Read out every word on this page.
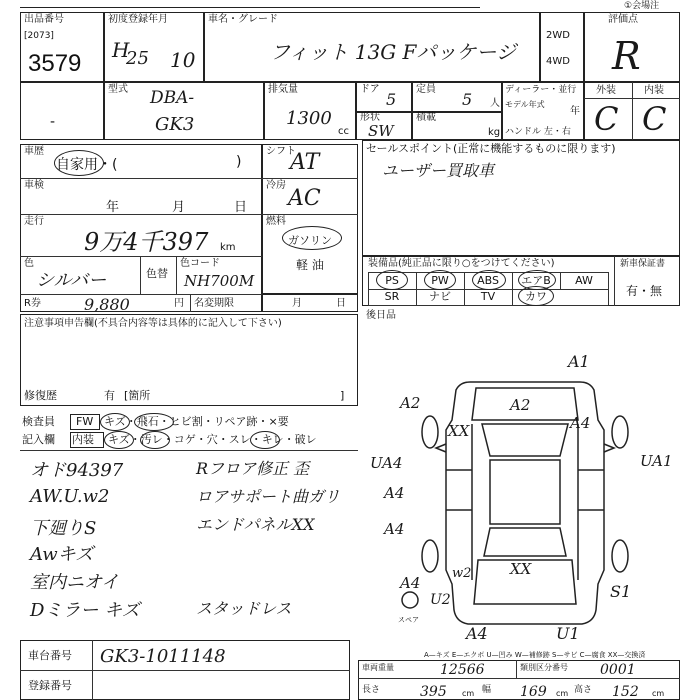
出品番号
[2073]
3579
初度登録年月
H
25 10
車名・グレード
フィット 13G Fパッケージ
2WD
4WD
評価点
R
①会場注
-
型式 DBA-
GK3
排気量
1300
cc
ドア
5
定員
5 人
形状
SW
積載
kg
ディーラー・並行
モデル年式
年
ハンドル 左・右
外装	内装
C C
車歴
自家用・(	)
車検
年	月	日
走行
9万4千397 km
色
シルバー	色替
色コード
NH700M
R券	9,880	円 名変期限	月	日
シフト
AT
冷房
AC
燃料
ガソリン
軽 油
セールスポイント(正常に機能するものに限ります)
ユーザー買取車
装備品(純正品に限り○をつけてください)	新車保証書
有・無
PS	PW	ABS	エアB	AW
SR	ナビ	TV	カワ
後日品
注意事項申告欄(不具合内容等は具体的に記入して下さい)
修復歴	有 [箇所	]
検査員 FW キズ・飛石・ヒビ割・リペア跡・×要
記入欄 内装 キズ・汚レ・コゲ・穴・スレ・キレ・破レ
オド94397
AW.U.w2
下廻りS
Awキズ
室内ニオイ
Dミラー キズ
Rフロア修正 歪
ロアサポート曲ガリ
エンドパネルXX
スタッドレス
A1
A2	A2
XX	A4
UA4	UA1
A4
A4
XX
A4
U2
w2
S1
A4	U1
スペア
A—キズ E—エクボ U—凹み W—補修跡 S—サビ C—腐食 XX—交換済
車台番号 GK3-1011148
登録番号
車両重量	12566	類別区分番号 0001
長さ	395 cm 幅 169 cm 高さ 152 cm
